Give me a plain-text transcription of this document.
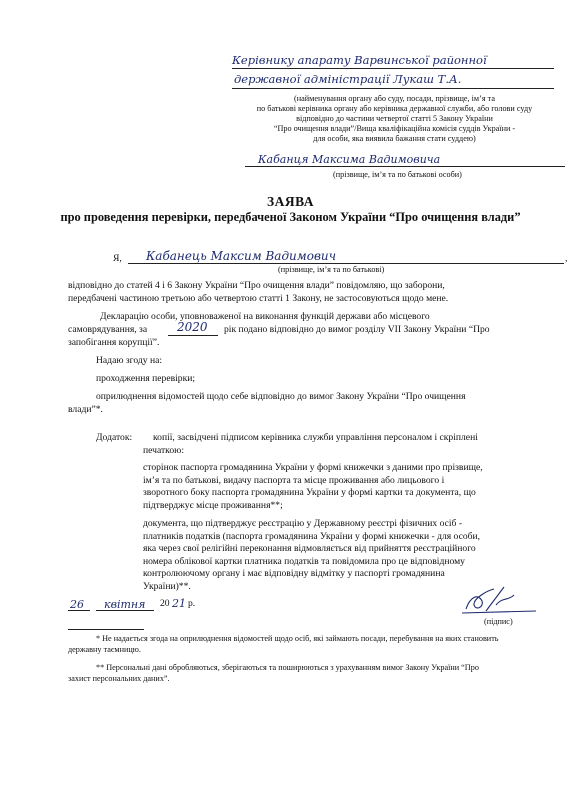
Керівнику апарату Варвинської районної
державної адміністрації Лукаш Т.А.
(найменування органу або суду, посади, прізвище, ім’я та
по батькові керівника органу або керівника державної служби, або голови суду
відповідно до частини четвертої статті 5 Закону України
“Про очищення влади”/Вища кваліфікаційна комісія суддів України -
для особи, яка виявила бажання стати суддею)
Кабанця Максима Вадимовича
(прізвище, ім’я та по батькові особи)
ЗАЯВА
про проведення перевірки, передбаченої Законом України “Про очищення влади”
Я, Кабанець Максим Вадимович	,
(прізвище, ім’я та по батькові)
відповідно до статей 4 і 6 Закону України “Про очищення влади” повідомляю, що заборони,
передбачені частиною третьою або четвертою статті 1 Закону, не застосовуються щодо мене.
Декларацію особи, уповноваженої на виконання функцій держави або місцевого
самоврядування, за 2020 рік подано відповідно до вимог розділу VII Закону України “Про
запобігання корупції”.
Надаю згоду на:
проходження перевірки;
оприлюднення відомостей щодо себе відповідно до вимог Закону України “Про очищення
влади”*.
Додаток: копії, засвідчені підписом керівника служби управління персоналом і скріплені
печаткою:
сторінок паспорта громадянина України у формі книжечки з даними про прізвище,
ім’я та по батькові, видачу паспорта та місце проживання або лицьового і
зворотного боку паспорта громадянина України у формі картки та документа, що
підтверджує місце проживання**;
документа, що підтверджує реєстрацію у Державному реєстрі фізичних осіб -
платників податків (паспорта громадянина України у формі книжечки - для особи,
яка через свої релігійні переконання відмовляється від прийняття реєстраційного
номера облікової картки платника податків та повідомила про це відповідному
контролюючому органу і має відповідну відмітку у паспорті громадянина
України)**.
26 квітня 20 21 р.
(підпис)
* Не надається згода на оприлюднення відомостей щодо осіб, які займають посади, перебування на яких становить
державну таємницю.
** Персональні дані обробляються, зберігаються та поширюються з урахуванням вимог Закону України “Про
захист персональних даних”.
